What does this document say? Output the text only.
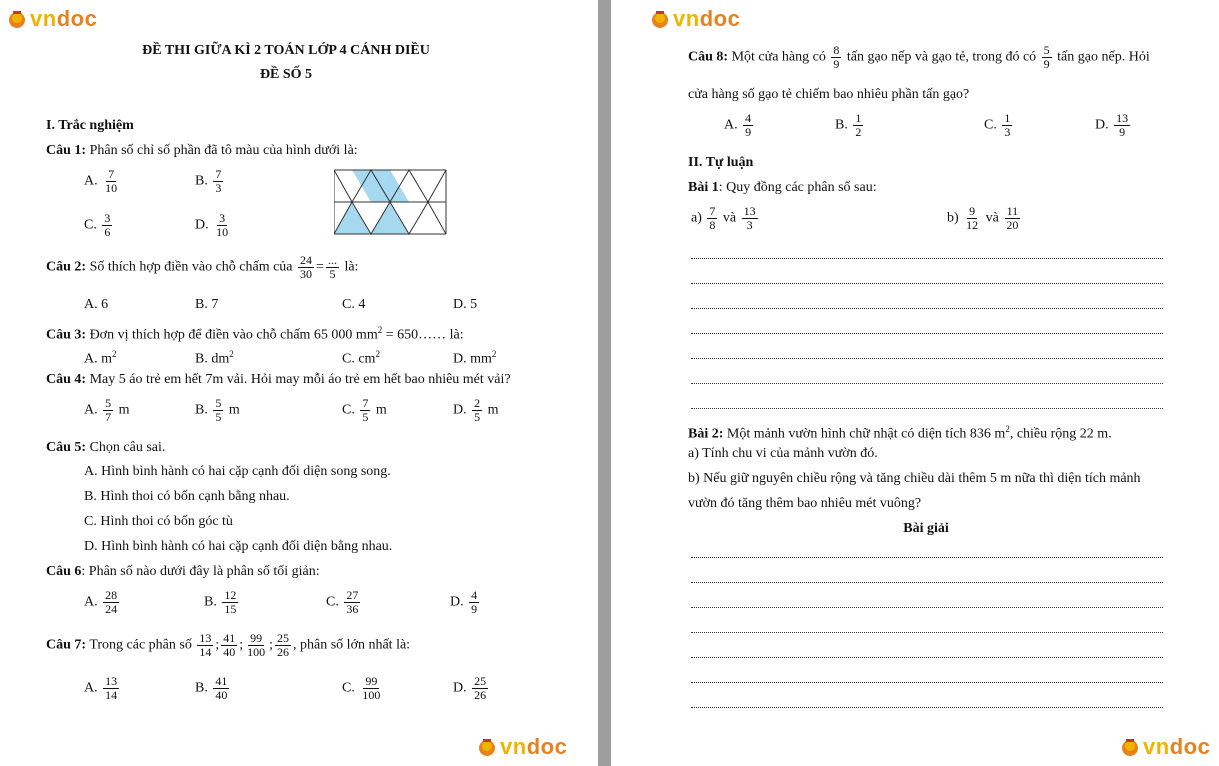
vn doc
ĐỀ THI GIỮA KÌ 2 TOÁN LỚP 4 CÁNH DIỀU
ĐỀ SỐ 5
I. Trắc nghiệm
Câu 1: Phân số chỉ số phần đã tô màu của hình dưới là:
A. $\frac{7}{10}$	B. $\frac{7}{3}$
C. $\frac{3}{6}$	D. $\frac{3}{10}$
Câu 2: Số thích hợp điền vào chỗ chấm của $\frac{24}{30}$ = ...
5 là:
A. 6	B. 7	C. 4	D. 5
Câu 3: Đơn vị thích hợp để điền vào chỗ chấm 65 000 $mm^2$ = 650…… là:
A. $m^2$	B. $dm^2$	C. $cm^2$	D. $mm^2$
Câu 4: May 5 áo trẻ em hết 7m vải. Hỏi may mỗi áo trẻ em hết bao nhiêu mét vải?
A. $\frac{5}{7}$ m	B. $\frac{5}{5}$ m	C. $\frac{7}{5}$ m	D. $\frac{2}{5}$ m
Câu 5: Chọn câu sai.
A. Hình bình hành có hai cặp cạnh đối diện song song.
B. Hình thoi có bốn cạnh bằng nhau.
C. Hình thoi có bốn góc tù
D. Hình bình hành có hai cặp cạnh đối diện bằng nhau.
Câu 6: Phân số nào dưới đây là phân số tối giản:
A. $\frac{28}{24}$	B. $\frac{12}{15}$	C. $\frac{27}{36}$	D. $\frac{4}{9}$
Câu 7: Trong các phân số $\frac{13}{14}$ ; $\frac{41}{40}$ ; $\frac{99}{100}$ ; $\frac{25}{26}$ , phân số lớn nhất là:
A. $\frac{13}{14}$	B. $\frac{41}{40}$	C. $\frac{99}{100}$	D. $\frac{25}{26}$
vn doc
vn doc
Câu 8: Một cửa hàng có $\frac{8}{9}$ tấn gạo nếp và gạo tẻ, trong đó có $\frac{5}{9}$ tấn gạo nếp. Hỏi
cửa hàng số gạo tẻ chiếm bao nhiêu phần tấn gạo?
A. $\frac{4}{9}$	B. $\frac{1}{2}$	C. $\frac{1}{3}$	D. $\frac{13}{9}$
II. Tự luận
Bài 1: Quy đồng các phân số sau:
$a) \frac{7}{8}$ và $\frac{13}{3}$	$b) \frac{9}{12}$ và $\frac{11}{20}$
Bài 2: Một mảnh vườn hình chữ nhật có diện tích 836 $m^2$, chiều rộng 22 m.
a) Tính chu vi của mảnh vườn đó.
b) Nếu giữ nguyên chiều rộng và tăng chiều dài thêm 5 m nữa thì diện tích mảnh
vườn đó tăng thêm bao nhiêu mét vuông?
Bài giải
vn doc
